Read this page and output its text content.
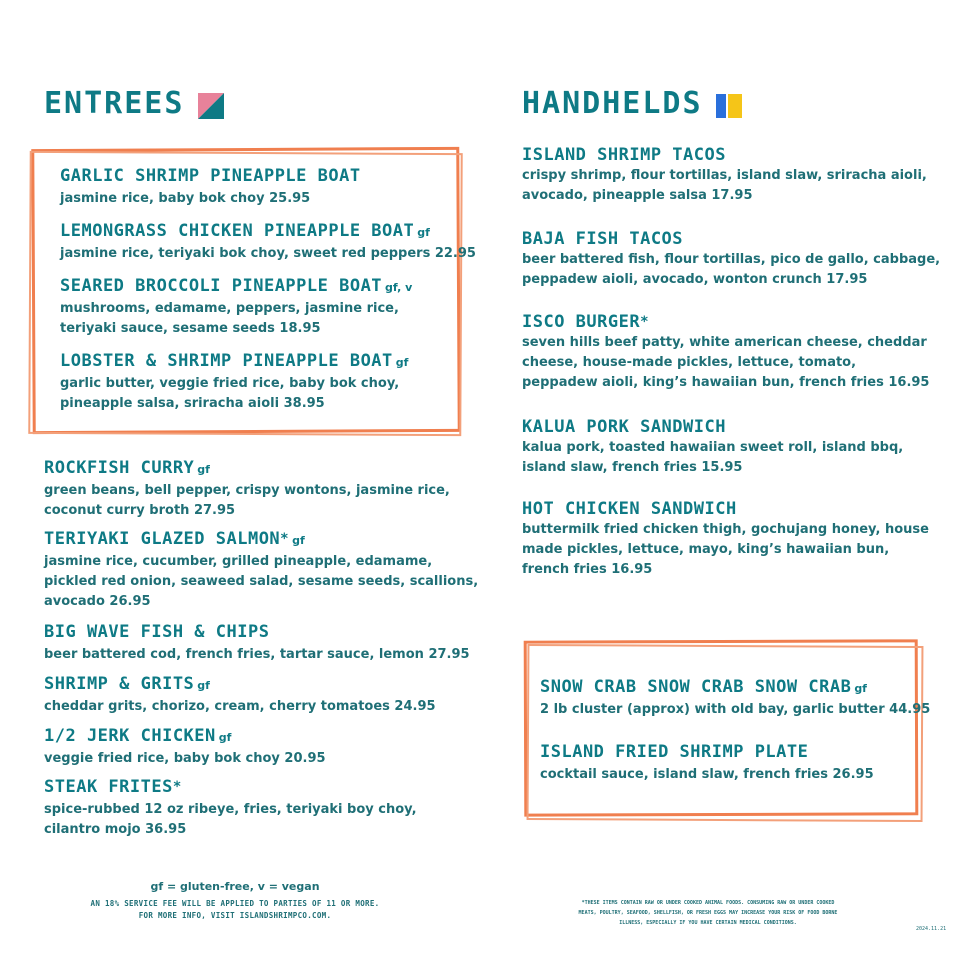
ENTREES
GARLIC SHRIMP PINEAPPLE BOAT
jasmine rice, baby bok choy 25.95
LEMONGRASS CHICKEN PINEAPPLE BOAT gf
jasmine rice, teriyaki bok choy, sweet red peppers 22.95
SEARED BROCCOLI PINEAPPLE BOAT gf, v
mushrooms, edamame, peppers, jasmine rice,
teriyaki sauce, sesame seeds 18.95
LOBSTER & SHRIMP PINEAPPLE BOAT gf
garlic butter, veggie fried rice, baby bok choy,
pineapple salsa, sriracha aioli 38.95
ROCKFISH CURRY gf
green beans, bell pepper, crispy wontons, jasmine rice,
coconut curry broth 27.95
TERIYAKI GLAZED SALMON* gf
jasmine rice, cucumber, grilled pineapple, edamame,
pickled red onion, seaweed salad, sesame seeds, scallions,
avocado 26.95
BIG WAVE FISH & CHIPS
beer battered cod, french fries, tartar sauce, lemon 27.95
SHRIMP & GRITS gf
cheddar grits, chorizo, cream, cherry tomatoes 24.95
1/2 JERK CHICKEN gf
veggie fried rice, baby bok choy 20.95
STEAK FRITES*
spice-rubbed 12 oz ribeye, fries, teriyaki boy choy,
cilantro mojo 36.95
HANDHELDS
ISLAND SHRIMP TACOS
crispy shrimp, flour tortillas, island slaw, sriracha aioli,
avocado, pineapple salsa 17.95
BAJA FISH TACOS
beer battered fish, flour tortillas, pico de gallo, cabbage,
peppadew aioli, avocado, wonton crunch 17.95
ISCO BURGER*
seven hills beef patty, white american cheese, cheddar
cheese, house-made pickles, lettuce, tomato,
peppadew aioli, king’s hawaiian bun, french fries 16.95
KALUA PORK SANDWICH
kalua pork, toasted hawaiian sweet roll, island bbq,
island slaw, french fries 15.95
HOT CHICKEN SANDWICH
buttermilk fried chicken thigh, gochujang honey, house
made pickles, lettuce, mayo, king’s hawaiian bun,
french fries 16.95
SNOW CRAB SNOW CRAB SNOW CRAB gf
2 lb cluster (approx) with old bay, garlic butter 44.95
ISLAND FRIED SHRIMP PLATE
cocktail sauce, island slaw, french fries 26.95
gf = gluten-free, v = vegan
AN 18% SERVICE FEE WILL BE APPLIED TO PARTIES OF 11 OR MORE.
FOR MORE INFO, VISIT ISLANDSHRIMPCO.COM.
*THESE ITEMS CONTAIN RAW OR UNDER COOKED ANIMAL FOODS. CONSUMING RAW OR UNDER COOKED
MEATS, POULTRY, SEAFOOD, SHELLFISH, OR FRESH EGGS MAY INCREASE YOUR RISK OF FOOD BORNE
ILLNESS, ESPECIALLY IF YOU HAVE CERTAIN MEDICAL CONDITIONS.
2024.11.21
